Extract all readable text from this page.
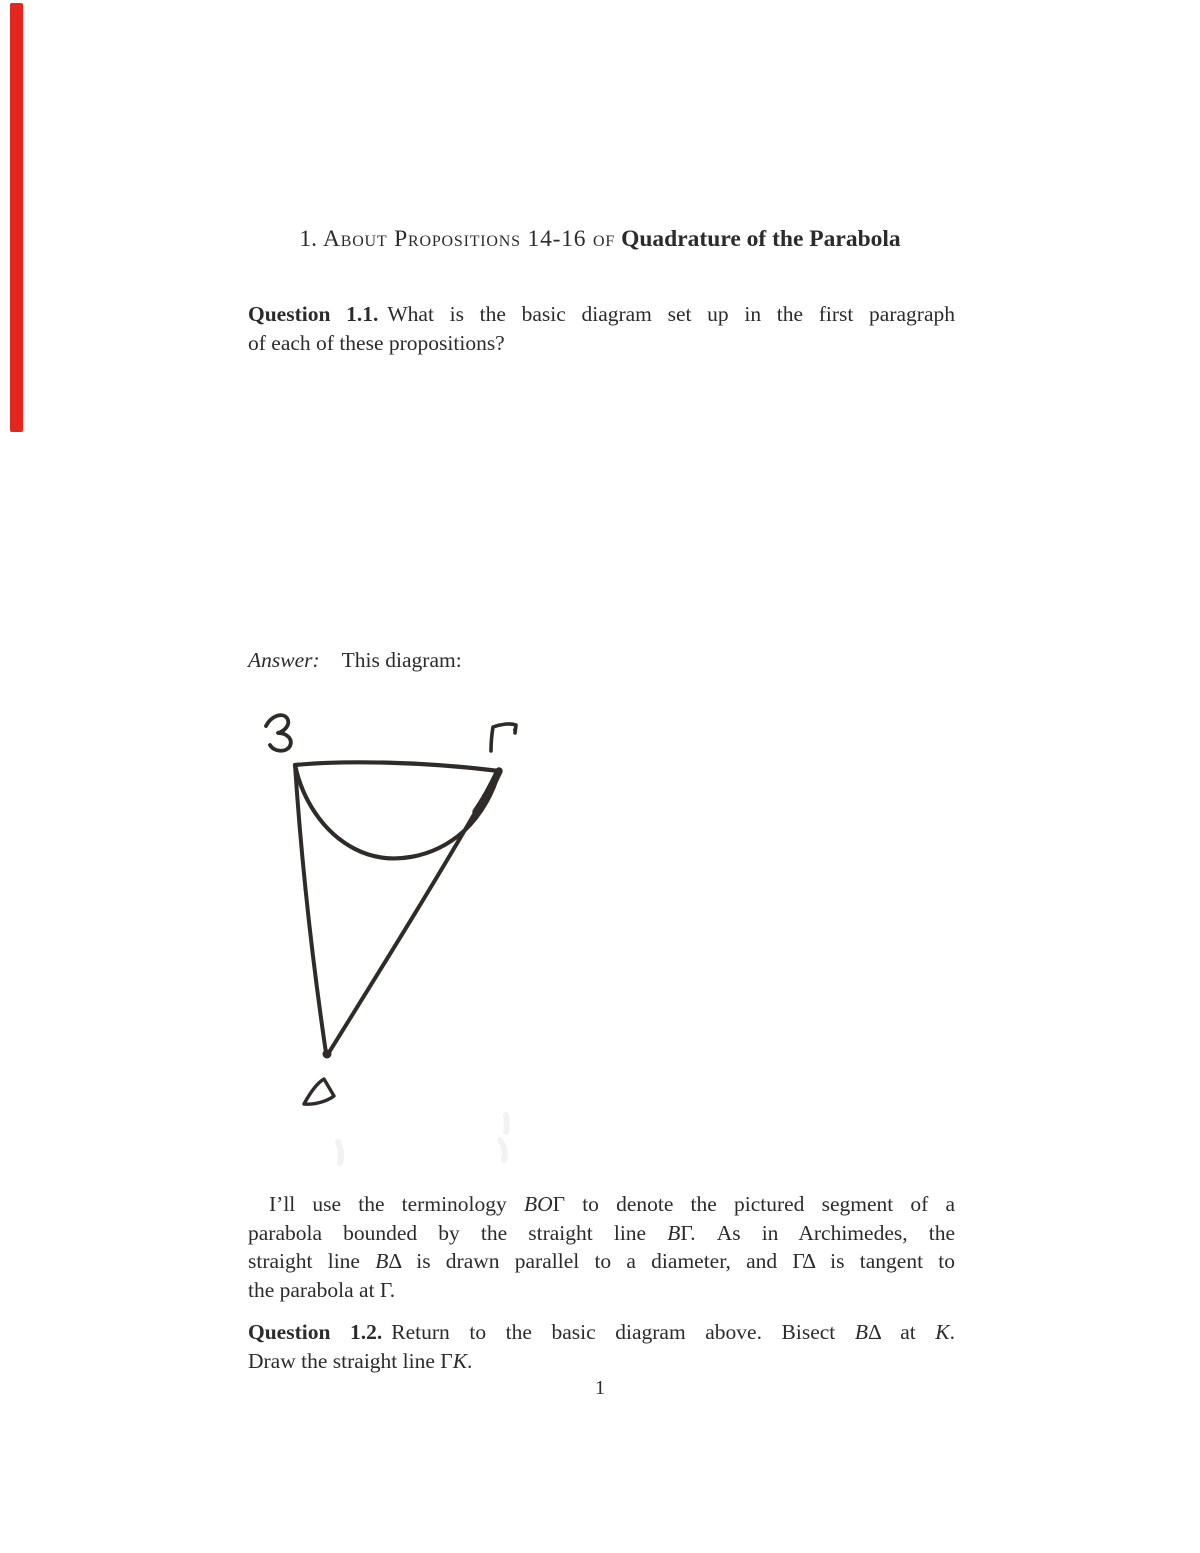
1. About Propositions 14-16 of Quadrature of the Parabola
Question 1.1. What is the basic diagram set up in the first paragraph
of each of these propositions?
Answer: This diagram:
I’ll use the terminology BOΓ to denote the pictured segment of a
parabola bounded by the straight line BΓ. As in Archimedes, the
straight line BΔ is drawn parallel to a diameter, and ΓΔ is tangent to
the parabola at Γ.
Question 1.2. Return to the basic diagram above. Bisect BΔ at K.
Draw the straight line ΓK.
1
